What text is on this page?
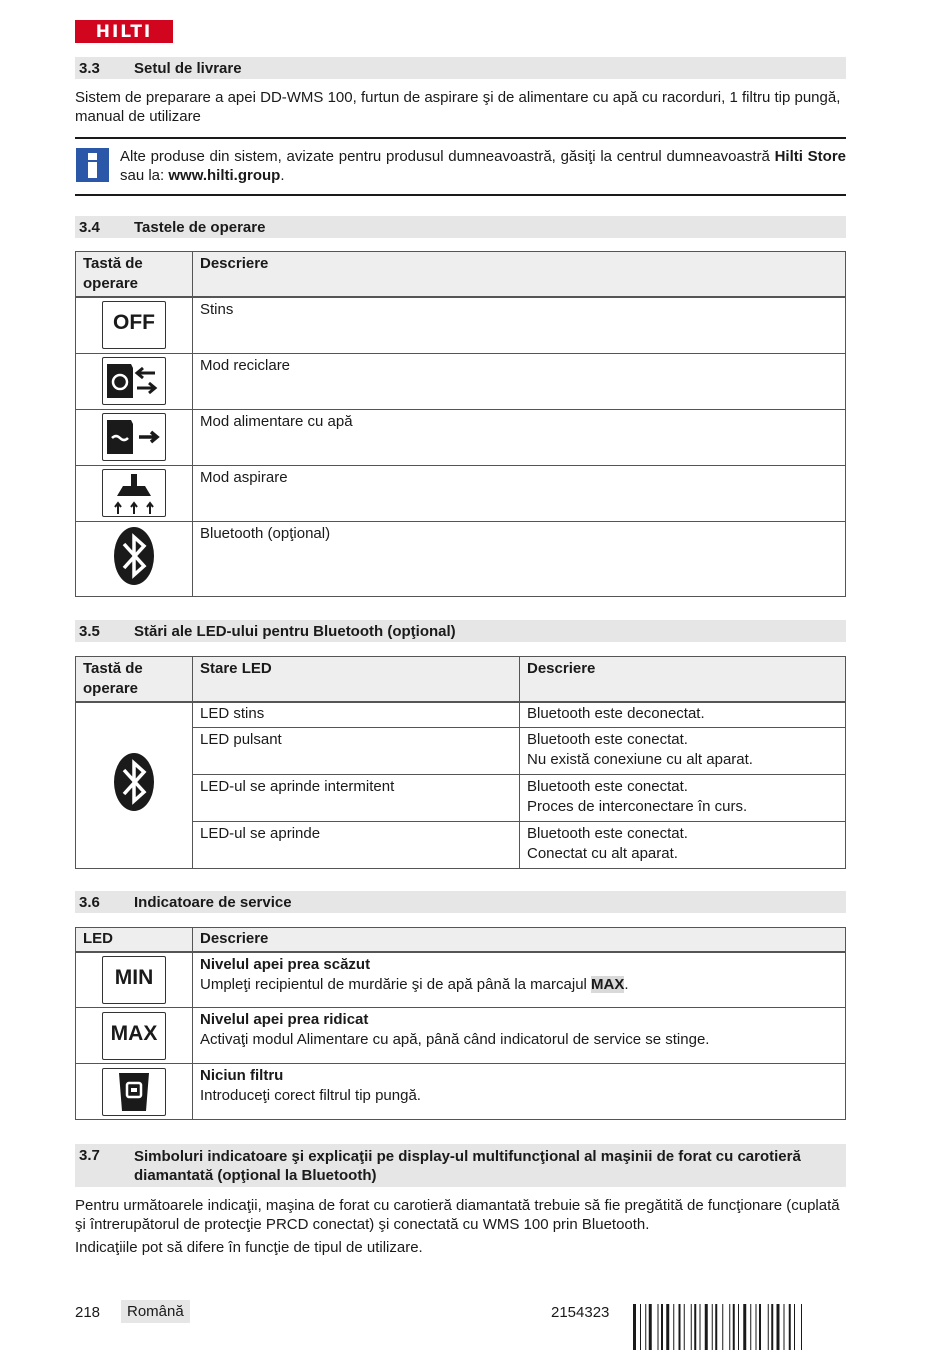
HILTI
3.3 Setul de livrare
Sistem de preparare a apei DD-WMS 100, furtun de aspirare şi de alimentare cu apă cu racorduri, 1 filtru tip pungă, manual de utilizare
Alte produse din sistem, avizate pentru produsul dumneavoastră, găsiţi la centrul dumneavoastră Hilti Store sau la: www.hilti.group.
3.4 Tastele de operare
Tastă de operare	Descriere

OFF	Stins
	Mod reciclare
	Mod alimentare cu apă
	Mod aspirare
	Bluetooth (opţional)
3.5 Stări ale LED-ului pentru Bluetooth (opţional)
Tastă de operare	Stare LED	Descriere
	LED stins	Bluetooth este deconectat.
	LED pulsant	Bluetooth este conectat.
Nu există conexiune cu alt aparat.

	LED-ul se aprinde intermitent	Bluetooth este conectat.
Proces de interconectare în curs.

	LED-ul se aprinde	Bluetooth este conectat.
Conectat cu alt aparat.
3.6 Indicatoare de service
LED	Descriere

MIN	Nivelul apei prea scăzut
Umpleţi recipientul de murdărie şi de apă până la marcajul MAX.

MAX	Nivelul apei prea ridicat
Activaţi modul Alimentare cu apă, până când indicatorul de service se stinge.

Niciun filtru
Introduceţi corect filtrul tip pungă.
3.7 Simboluri indicatoare şi explicaţii pe display-ul multifuncţional al maşinii de forat cu carotieră diamantată (opţional la Bluetooth)
Pentru următoarele indicaţii, maşina de forat cu carotieră diamantată trebuie să fie pregătită de funcţionare (cuplată şi întrerupătorul de protecţie PRCD conectat) şi conectată cu WMS 100 prin Bluetooth.
Indicaţiile pot să difere în funcţie de tipul de utilizare.
218	Română	2154323
